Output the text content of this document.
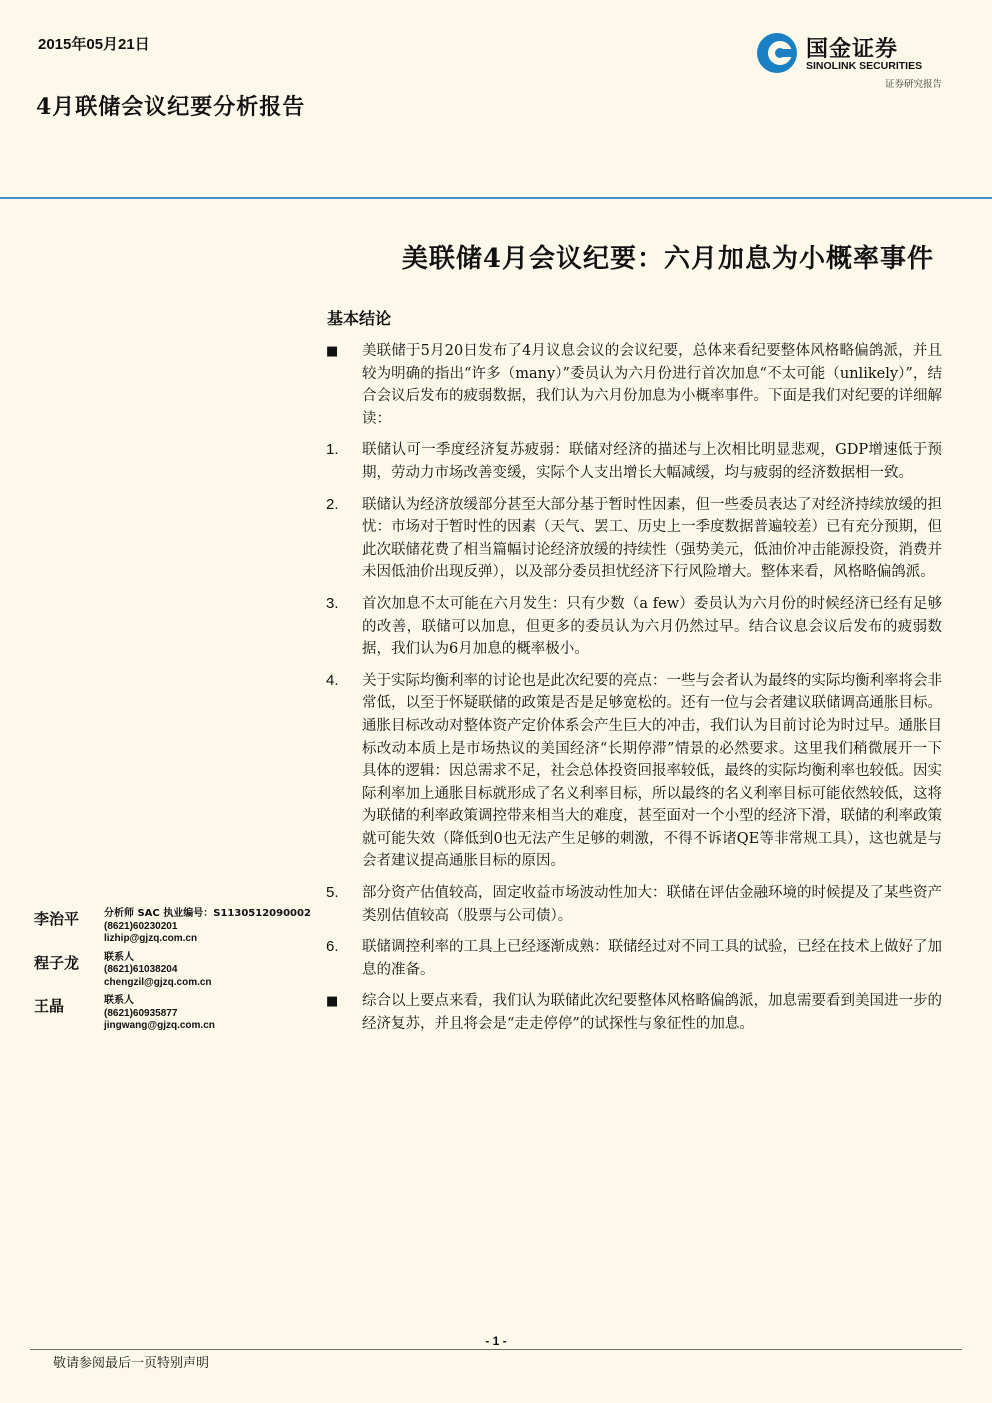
2015年05月21日
4月联储会议纪要分析报告
国金证券
SINOLINK SECURITIES
证券研究报告
美联储4月会议纪要：六月加息为小概率事件
基本结论
■	美联储于5月20日发布了4月议息会议的会议纪要，总体来看纪要整体风格略偏鸽派，并且较为明确的指出“许多（many）”委员认为六月份进行首次加息“不太可能（unlikely）”，结合会议后发布的疲弱数据，我们认为六月份加息为小概率事件。下面是我们对纪要的详细解读：
1.	联储认可一季度经济复苏疲弱：联储对经济的描述与上次相比明显悲观，GDP增速低于预期，劳动力市场改善变缓，实际个人支出增长大幅减缓，均与疲弱的经济数据相一致。
2.	联储认为经济放缓部分甚至大部分基于暂时性因素，但一些委员表达了对经济持续放缓的担忧：市场对于暂时性的因素（天气、罢工、历史上一季度数据普遍较差）已有充分预期，但此次联储花费了相当篇幅讨论经济放缓的持续性（强势美元，低油价冲击能源投资，消费并未因低油价出现反弹），以及部分委员担忧经济下行风险增大。整体来看，风格略偏鸽派。
3.	首次加息不太可能在六月发生：只有少数（a few）委员认为六月份的时候经济已经有足够的改善，联储可以加息，但更多的委员认为六月仍然过早。结合议息会议后发布的疲弱数据，我们认为6月加息的概率极小。
4.	关于实际均衡利率的讨论也是此次纪要的亮点：一些与会者认为最终的实际均衡利率将会非常低，以至于怀疑联储的政策是否是足够宽松的。还有一位与会者建议联储调高通胀目标。通胀目标改动对整体资产定价体系会产生巨大的冲击，我们认为目前讨论为时过早。通胀目标改动本质上是市场热议的美国经济“长期停滞”情景的必然要求。这里我们稍微展开一下具体的逻辑：因总需求不足，社会总体投资回报率较低，最终的实际均衡利率也较低。因实际利率加上通胀目标就形成了名义利率目标，所以最终的名义利率目标可能依然较低，这将为联储的利率政策调控带来相当大的难度，甚至面对一个小型的经济下滑，联储的利率政策就可能失效（降低到0也无法产生足够的刺激，不得不诉诸QE等非常规工具），这也就是与会者建议提高通胀目标的原因。
5.	部分资产估值较高，固定收益市场波动性加大：联储在评估金融环境的时候提及了某些资产类别估值较高（股票与公司债）。
6.	联储调控利率的工具上已经逐渐成熟：联储经过对不同工具的试验，已经在技术上做好了加息的准备。
■	综合以上要点来看，我们认为联储此次纪要整体风格略偏鸽派，加息需要看到美国进一步的经济复苏，并且将会是“走走停停”的试探性与象征性的加息。
李治平 分析师 SAC 执业编号：S1130512090002
(8621)60230201
lizhip@gjzq.com.cn
程子龙 联系人
(8621)61038204
chengzil@gjzq.com.cn
王晶	联系人
(8621)60935877
jingwang@gjzq.com.cn
- 1 -
敬请参阅最后一页特别声明
